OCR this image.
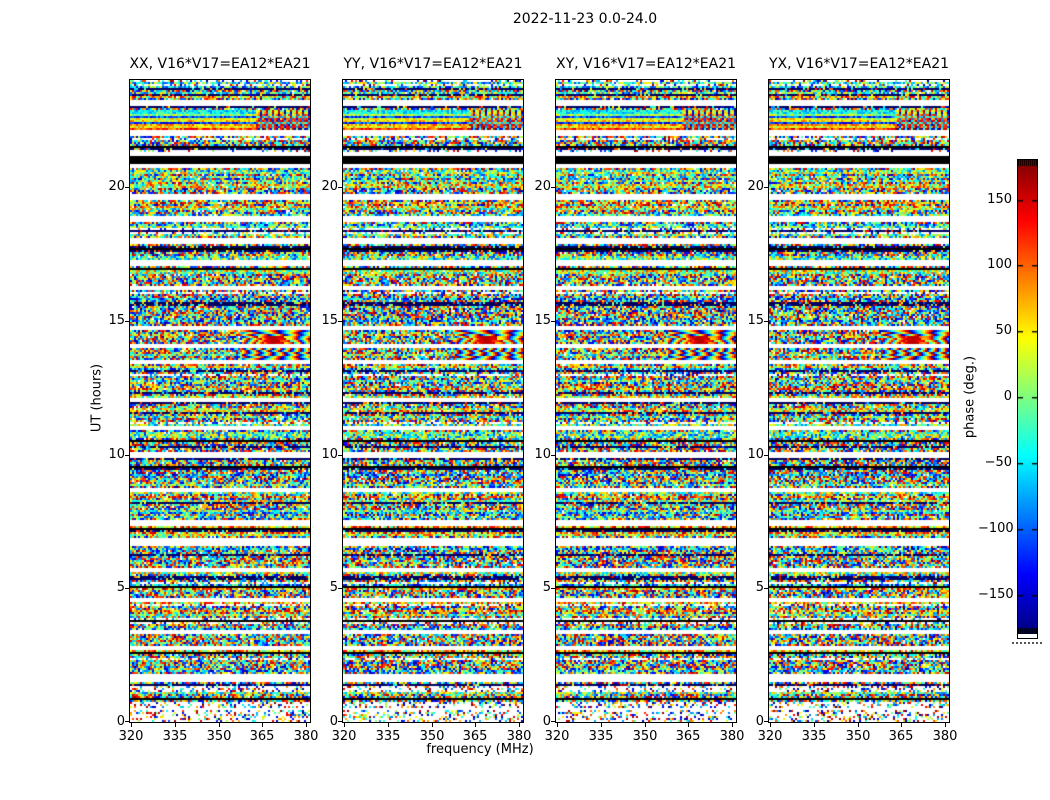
2022-11-23 0.0-24.0
XX, V16*V17=EA12*EA21	YY, V16*V17=EA12*EA21	XY, V16*V17=EA12*EA21	YX, V16*V17=EA12*EA21
320 335 350 365 380
0
5
10
15
20
320 335 350 365 380
0
5
10
15
20
320 335 350 365 380
0
5
10
15
20
320 335 350 365 380
0
5
10
15
20
frequency (MHz)
UT (hours)
150
100
50
0
−50
−100
−150
phase (deg.)
